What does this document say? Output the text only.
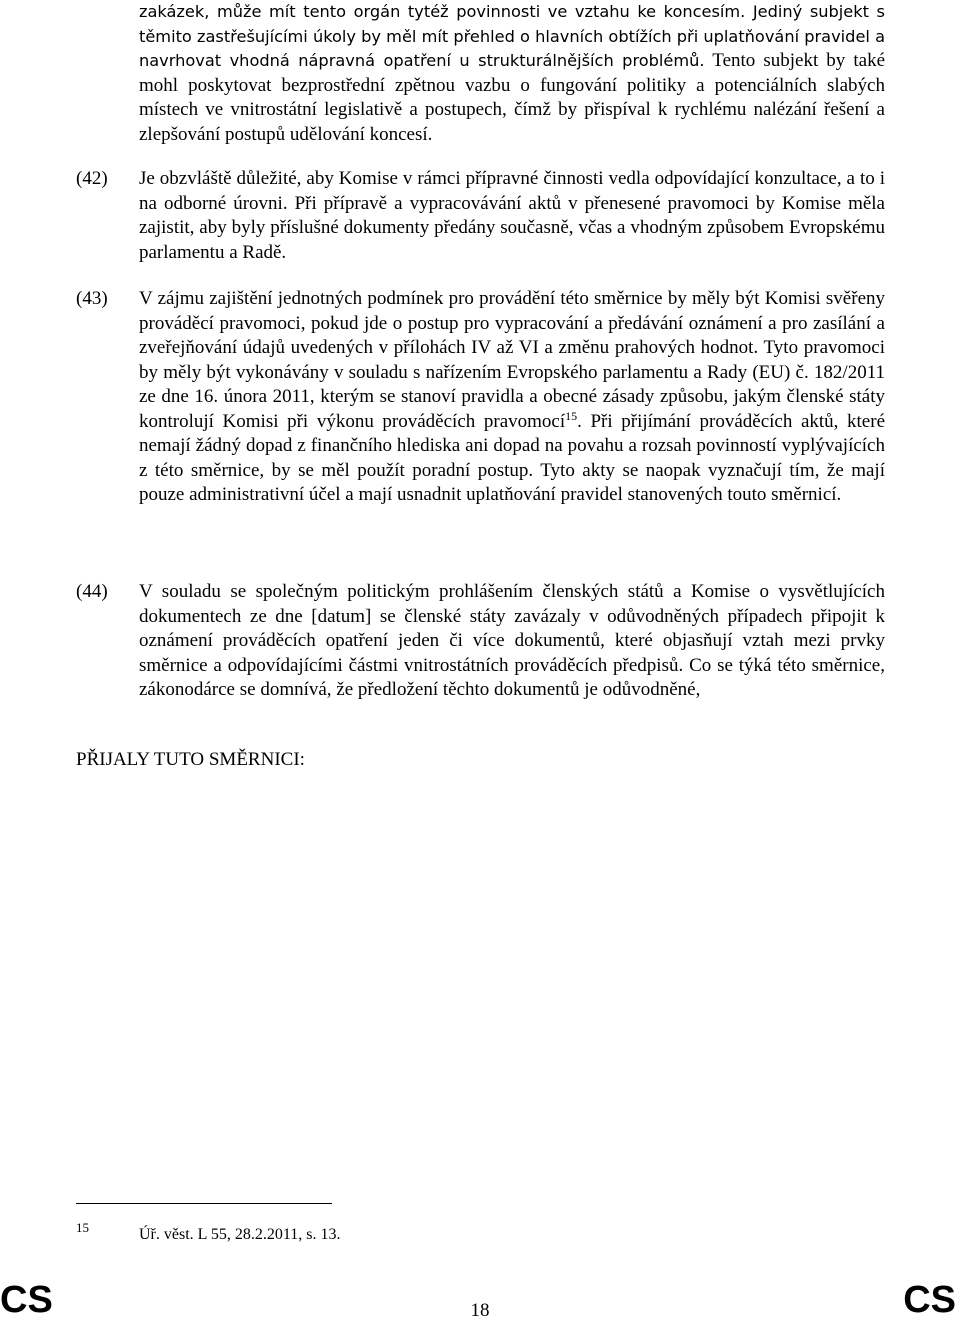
zakázek, může mít tento orgán tytéž povinnosti ve vztahu ke koncesím. Jediný subjekt s těmito zastřešujícími úkoly by měl mít přehled o hlavních obtížích při uplatňování pravidel a navrhovat vhodná nápravná opatření u strukturálnějších problémů. Tento subjekt by také mohl poskytovat bezprostřední zpětnou vazbu o fungování politiky a potenciálních slabých místech ve vnitrostátní legislativě a postupech, čímž by přispíval k rychlému nalézání řešení a zlepšování postupů udělování koncesí.

(42) Je obzvláště důležité, aby Komise v rámci přípravné činnosti vedla odpovídající konzultace, a to i na odborné úrovni. Při přípravě a vypracovávání aktů v přenesené pravomoci by Komise měla zajistit, aby byly příslušné dokumenty předány současně, včas a vhodným způsobem Evropskému parlamentu a Radě.
(43) V zájmu zajištění jednotných podmínek pro provádění této směrnice by měly být Komisi svěřeny prováděcí pravomoci, pokud jde o postup pro vypracování a předávání oznámení a pro zasílání a zveřejňování údajů uvedených v přílohách IV až VI a změnu prahových hodnot. Tyto pravomoci by měly být vykonávány v souladu s nařízením Evropského parlamentu a Rady (EU) č. 182/2011 ze dne 16. února 2011, kterým se stanoví pravidla a obecné zásady způsobu, jakým členské státy kontrolují Komisi při výkonu prováděcích pravomocí$^{15}$. Při přijímání prováděcích aktů, které nemají žádný dopad z finančního hlediska ani dopad na povahu a rozsah povinností vyplývajících z této směrnice, by se měl použít poradní postup. Tyto akty se naopak vyznačují tím, že mají pouze administrativní účel a mají usnadnit uplatňování pravidel stanovených touto směrnicí.
(44) V souladu se společným politickým prohlášením členských států a Komise o vysvětlujících dokumentech ze dne [datum] se členské státy zavázaly v odůvodněných případech připojit k oznámení prováděcích opatření jeden či více dokumentů, které objasňují vztah mezi prvky směrnice a odpovídajícími částmi vnitrostátních prováděcích předpisů. Co se týká této směrnice, zákonodárce se domnívá, že předložení těchto dokumentů je odůvodněné,
PŘIJALY TUTO SMĚRNICI:
15	Úř. věst. L 55, 28.2.2011, s. 13.
CS	18	CS
